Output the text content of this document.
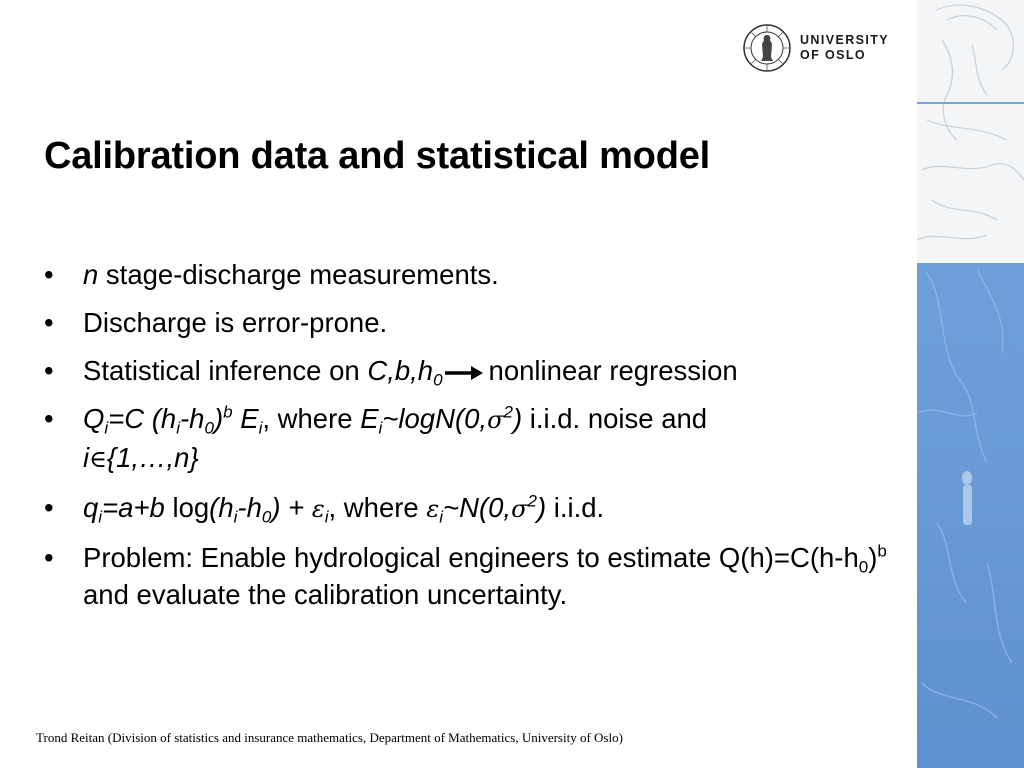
UNIVERSITY
OF OSLO
Calibration data and statistical model
• n stage-discharge measurements.
• Discharge is error-prone.
• Statistical inference on $C,b,h_0$ nonlinear regression
• $Q_i=C$ $(h_i-h_0)^b$ $E_i$, where $E_i\sim\log N(0,\sigma^2)$ i.i.d. noise and
i∈{1,…,n}
• $q_i=a+b$ $\log(h_i-h_0) + \varepsilon_i$, where $\varepsilon_i\sim N(0,\sigma^2)$ i.i.d.
• Problem: Enable hydrological engineers to estimate $Q(h)=C(h-h_0)^b$ and evaluate the calibration uncertainty.
Trond Reitan (Division of statistics and insurance mathematics, Department of Mathematics, University of Oslo)
